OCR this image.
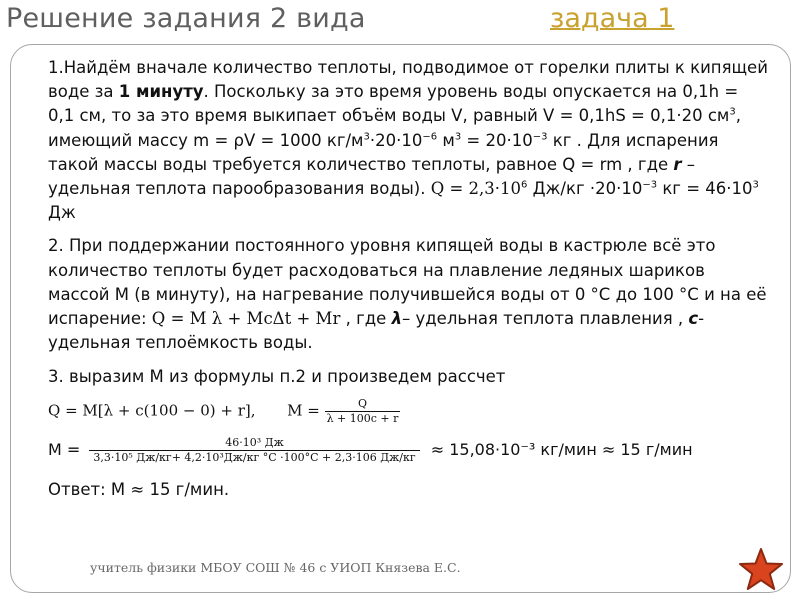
Решение задания 2 вида	задача 1

1.Найдём вначале количество теплоты, подводимое от горелки плиты к кипящей воде за 1 минуту. Поскольку за это время уровень воды опускается на 0,1h = 0,1 см, то за это время выкипает объём воды V, равный V = 0,1hS = 0,1·20 $см^3$, имеющий массу m = ρV = 1000 $кг/м^3\cdot 20\cdot 10^{-6}$ $м^3 = 20\cdot 10^{-3}$ кг . Для испарения такой массы воды требуется количество теплоты, равное Q = rm , где r – удельная теплота парообразования воды). $Q = 2,3\cdot 10^6$ $Дж/кг \cdot 20\cdot 10^{-3}$ кг = $46\cdot 10^3$ Дж

2. При поддержании постоянного уровня кипящей воды в кастрюле всё это количество теплоты будет расходоваться на плавление ледяных шариков массой М (в минуту), на нагревание получившейся воды от 0 °С до 100 °С и на её испарение: Q = M λ + McΔt + Mr , где λ– удельная теплота плавления , с- удельная теплоёмкость воды.

3. выразим М из формулы п.2 и произведем рассчет

Q = M[λ + c(100 − 0) + r], $M = \frac{Q}{\lambda + 100c + r}$
$M = \frac{\text{46·10³ Дж}}{\text{3,3·10⁵ Дж/кг+ 4,2·10³Дж/кг °С ·100°С + 2,3·106 Дж/кг}} \approx 15,08\cdot 10^{-3}$ кг/мин ≈ 15 г/мин
Ответ: М ≈ 15 г/мин.
учитель физики МБОУ СОШ № 46 с УИОП Князева Е.С.
